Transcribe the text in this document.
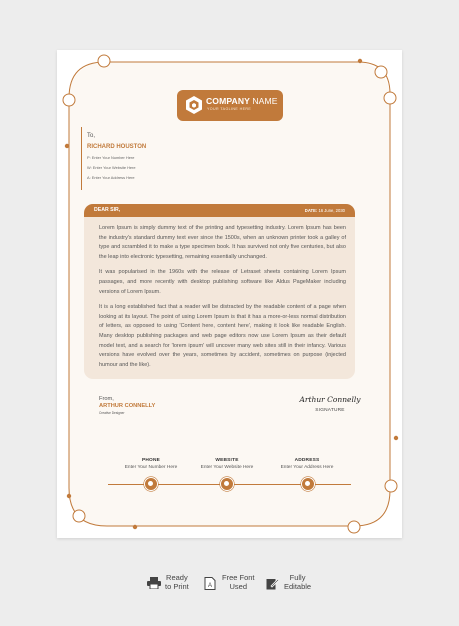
COMPANY NAME
YOUR TAGLINE HERE
To,
RICHARD HOUSTON
P: Enter Your Number Here
W: Enter Your Website Here
A: Enter Your Address Here
DEAR SIR,	DATE: 16 June, 2030

Lorem Ipsum is simply dummy text of the printing and typesetting industry. Lorem Ipsum has been the industry's standard dummy text ever since the 1500s, when an unknown printer took a galley of type and scrambled it to make a type specimen book. It has survived not only five centuries, but also the leap into electronic typesetting, remaining essentially unchanged.

It was popularised in the 1960s with the release of Letraset sheets containing Lorem Ipsum passages, and more recently with desktop publishing software like Aldus PageMaker including versions of Lorem Ipsum.

It is a long established fact that a reader will be distracted by the readable content of a page when looking at its layout. The point of using Lorem Ipsum is that it has a more-or-less normal distribution of letters, as opposed to using 'Content here, content here', making it look like readable English. Many desktop publishing packages and web page editors now use Lorem Ipsum as their default model text, and a search for 'lorem ipsum' will uncover many web sites still in their infancy. Various versions have evolved over the years, sometimes by accident, sometimes on purpose (injected humour and the like).

From,
ARTHUR CONNELLY
Creative Designer
Arthur Connelly
SIGNATURE
PHONE
Enter Your Number Here
WEBSITE
Enter Your Website Here
ADDRESS
Enter Your Address Here
Ready
to Print	A
Free Font
Used
Fully
Editable
